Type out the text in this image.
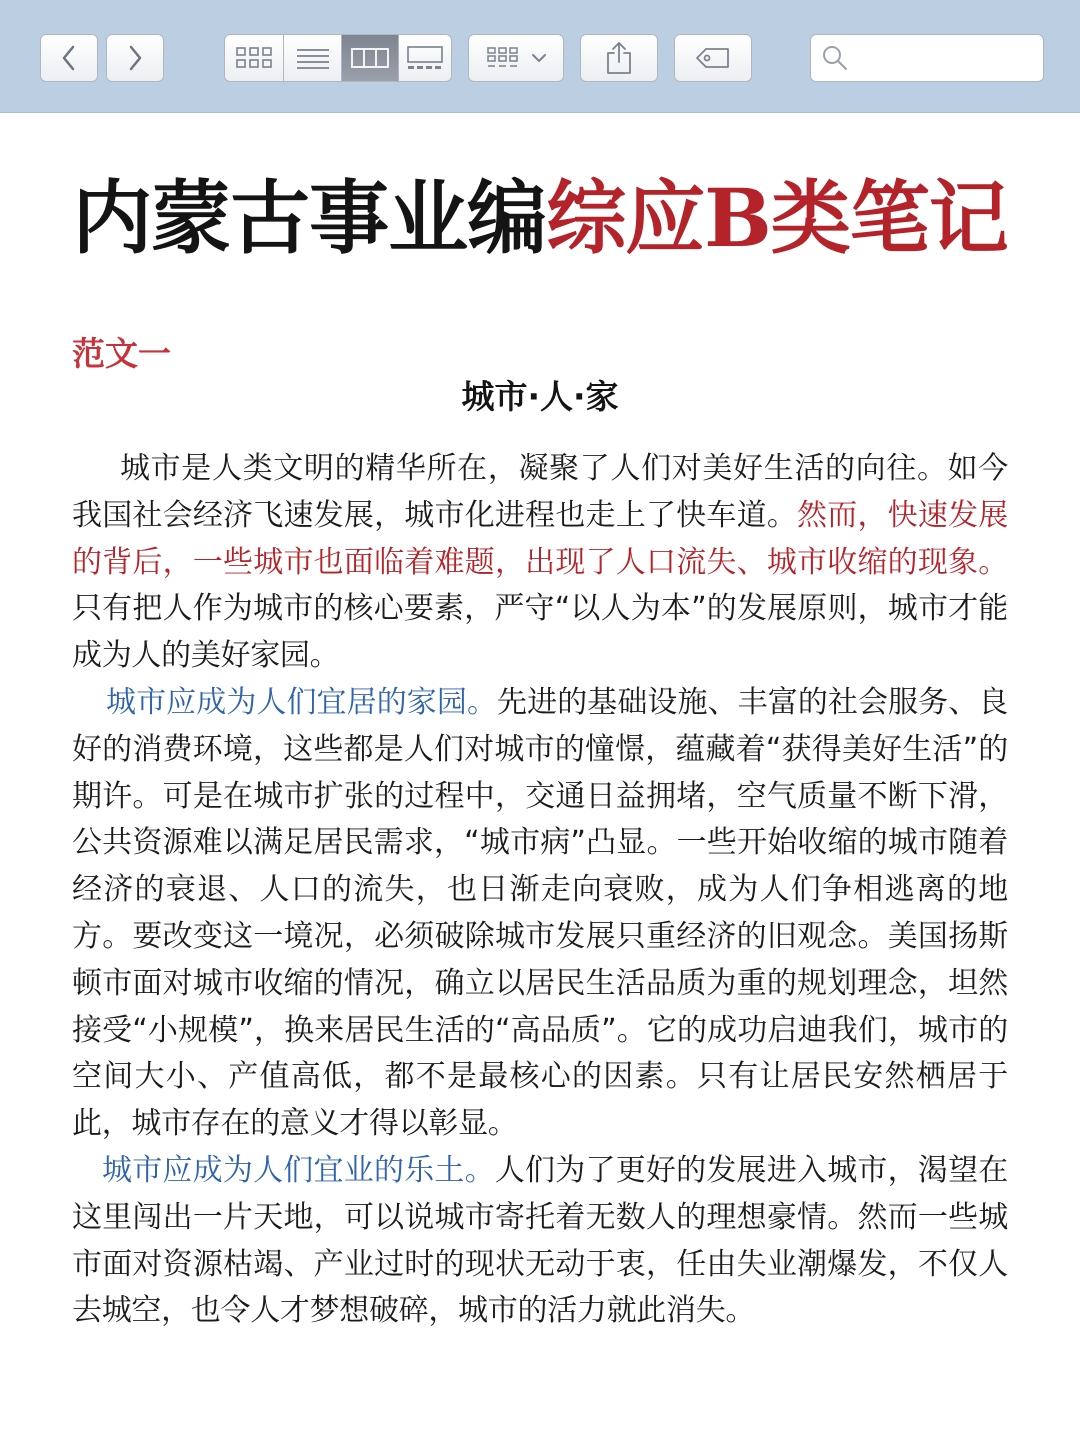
内蒙古事业编综应B类笔记
范文一
城市·人·家

城市是人类文明的精华所在，凝聚了人们对美好生活的向往。如今我国社会经济飞速发展，城市化进程也走上了快车道。然而，快速发展的背后，一些城市也面临着难题，出现了人口流失、城市收缩的现象。只有把人作为城市的核心要素，严守“以人为本”的发展原则，城市才能成为人的美好家园。

城市应成为人们宜居的家园。先进的基础设施、丰富的社会服务、良好的消费环境，这些都是人们对城市的憧憬，蕴藏着“获得美好生活”的期许。可是在城市扩张的过程中，交通日益拥堵，空气质量不断下滑，公共资源难以满足居民需求，“城市病”凸显。一些开始收缩的城市随着经济的衰退、人口的流失，也日渐走向衰败，成为人们争相逃离的地方。要改变这一境况，必须破除城市发展只重经济的旧观念。美国扬斯顿市面对城市收缩的情况，确立以居民生活品质为重的规划理念，坦然接受“小规模”，换来居民生活的“高品质”。它的成功启迪我们，城市的空间大小、产值高低，都不是最核心的因素。只有让居民安然栖居于此，城市存在的意义才得以彰显。

城市应成为人们宜业的乐土。人们为了更好的发展进入城市，渴望在这里闯出一片天地，可以说城市寄托着无数人的理想豪情。然而一些城市面对资源枯竭、产业过时的现状无动于衷，任由失业潮爆发，不仅人去城空，也令人才梦想破碎，城市的活力就此消失。
